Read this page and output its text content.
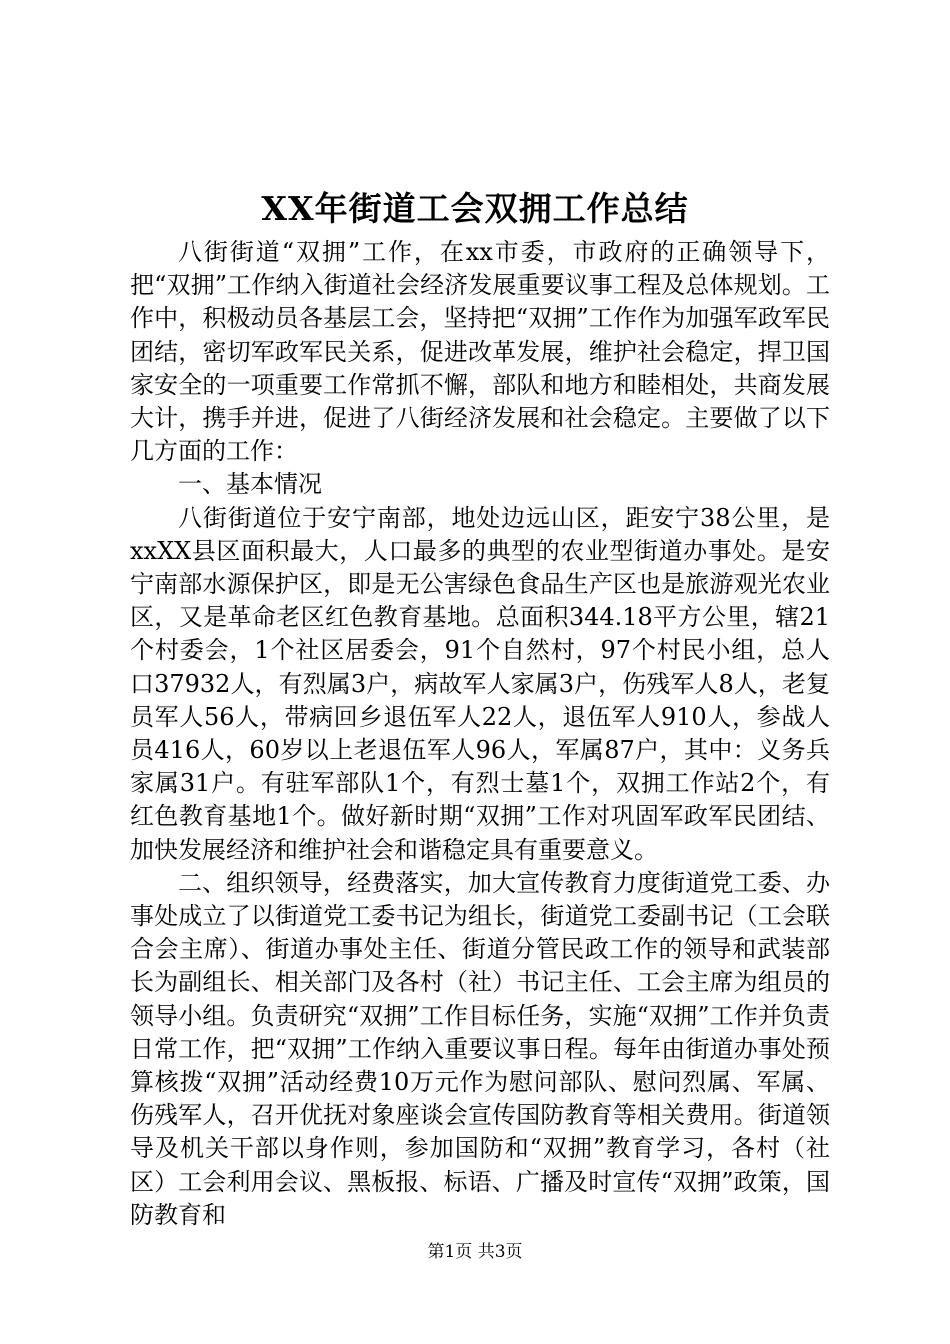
XX年街道工会双拥工作总结

八街街道“双拥”工作，在xx市委，市政府的正确领导下，把“双拥”工作纳入街道社会经济发展重要议事工程及总体规划。工作中，积极动员各基层工会，坚持把“双拥”工作作为加强军政军民团结，密切军政军民关系，促进改革发展，维护社会稳定，捍卫国家安全的一项重要工作常抓不懈，部队和地方和睦相处，共商发展大计，携手并进，促进了八街经济发展和社会稳定。主要做了以下几方面的工作：

一、基本情况

八街街道位于安宁南部，地处边远山区，距安宁38公里，是xxXX县区面积最大，人口最多的典型的农业型街道办事处。是安宁南部水源保护区，即是无公害绿色食品生产区也是旅游观光农业区，又是革命老区红色教育基地。总面积344.18平方公里，辖21个村委会，1个社区居委会，91个自然村，97个村民小组，总人口37932人，有烈属3户，病故军人家属3户，伤残军人8人，老复员军人56人，带病回乡退伍军人22人，退伍军人910人，参战人员416人，60岁以上老退伍军人96人，军属87户，其中：义务兵家属31户。有驻军部队1个，有烈士墓1个，双拥工作站2个，有红色教育基地1个。做好新时期“双拥”工作对巩固军政军民团结、加快发展经济和维护社会和谐稳定具有重要意义。

二、组织领导，经费落实，加大宣传教育力度街道党工委、办事处成立了以街道党工委书记为组长，街道党工委副书记（工会联合会主席）、街道办事处主任、街道分管民政工作的领导和武装部长为副组长、相关部门及各村（社）书记主任、工会主席为组员的领导小组。负责研究“双拥”工作目标任务，实施“双拥”工作并负责日常工作，把“双拥”工作纳入重要议事日程。每年由街道办事处预算核拨“双拥”活动经费10万元作为慰问部队、慰问烈属、军属、伤残军人，召开优抚对象座谈会宣传国防教育等相关费用。街道领导及机关干部以身作则，参加国防和“双拥”教育学习，各村（社区）工会利用会议、黑板报、标语、广播及时宣传“双拥”政策，国防教育和

第1页 共3页
